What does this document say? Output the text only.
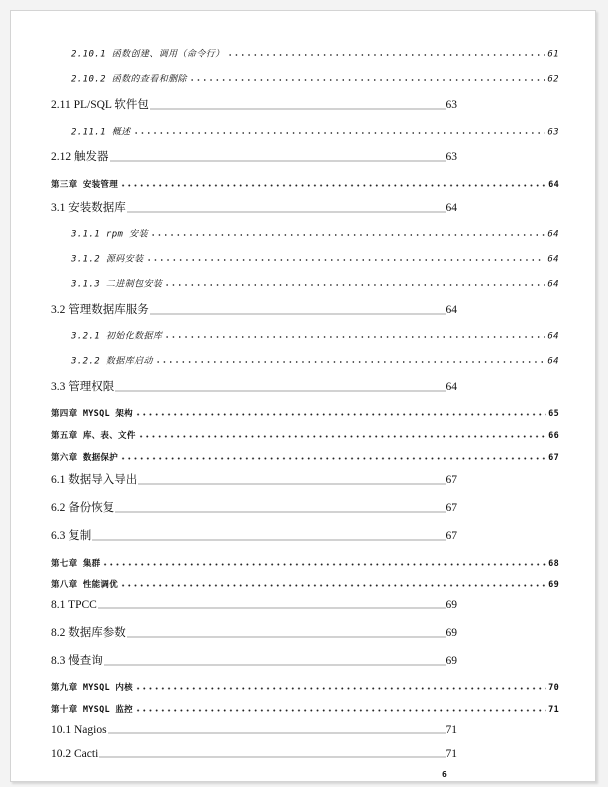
2.10.1 函数创建、调用（命令行）	61
2.10.2 函数的查看和删除	62
2.11 PL/SQL 软件包	63
2.11.1 概述	63
2.12 触发器	63
第三章 安装管理	64
3.1 安装数据库	64
3.1.1 rpm 安装	64
3.1.2 源码安装	64
3.1.3 二进制包安装	64
3.2 管理数据库服务	64
3.2.1 初始化数据库	64
3.2.2 数据库启动	64
3.3 管理权限	64
第四章 MYSQL 架构	65
第五章 库、表、文件	66
第六章 数据保护	67
6.1 数据导入导出	67
6.2 备份恢复	67
6.3 复制	67
第七章 集群	68
第八章 性能调优	69
8.1 TPCC	69
8.2 数据库参数	69
8.3 慢查询	69
第九章 MYSQL 内核	70
第十章 MYSQL 监控	71
10.1 Nagios	71
10.2 Cacti	71
6
